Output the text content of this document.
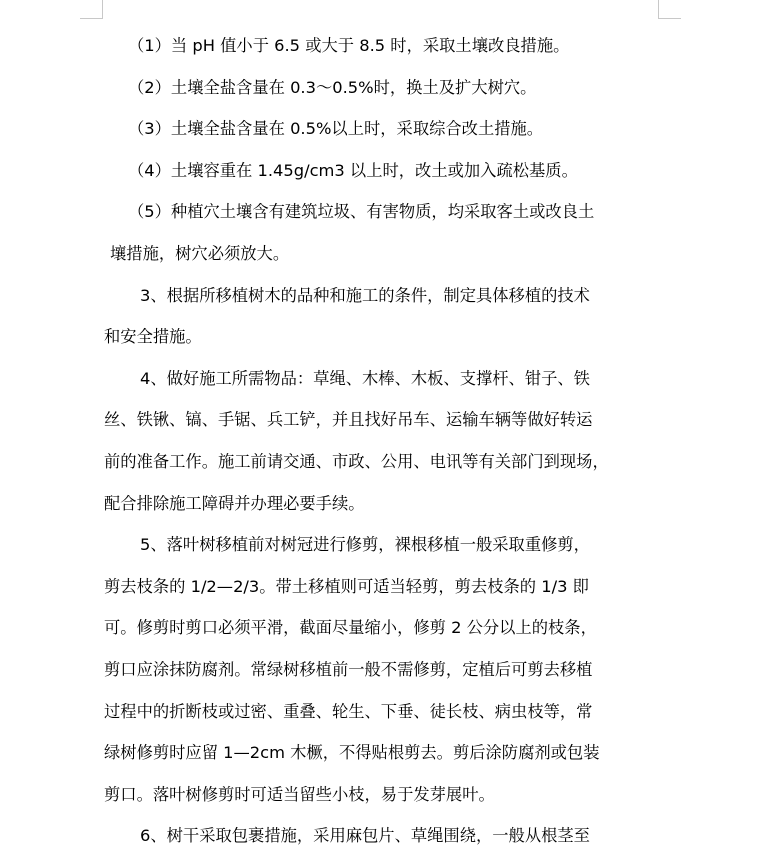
（1）当 pH 值小于 6.5 或大于 8.5 时，采取土壤改良措施。
（2）土壤全盐含量在 0.3～0.5%时，换土及扩大树穴。
（3）土壤全盐含量在 0.5%以上时，采取综合改土措施。
（4）土壤容重在 1.45g/cm3 以上时，改土或加入疏松基质。
（5）种植穴土壤含有建筑垃圾、有害物质，均采取客土或改良土
壤措施，树穴必须放大。
3、根据所移植树木的品种和施工的条件，制定具体移植的技术
和安全措施。
4、做好施工所需物品：草绳、木棒、木板、支撑杆、钳子、铁
丝、铁锹、镐、手锯、兵工铲，并且找好吊车、运输车辆等做好转运
前的准备工作。施工前请交通、市政、公用、电讯等有关部门到现场，
配合排除施工障碍并办理必要手续。
5、落叶树移植前对树冠进行修剪，裸根移植一般采取重修剪，
剪去枝条的 1/2—2/3。带土移植则可适当轻剪，剪去枝条的 1/3 即
可。修剪时剪口必须平滑，截面尽量缩小，修剪 2 公分以上的枝条，
剪口应涂抹防腐剂。常绿树移植前一般不需修剪，定植后可剪去移植
过程中的折断枝或过密、重叠、轮生、下垂、徒长枝、病虫枝等，常
绿树修剪时应留 1—2cm 木橛，不得贴根剪去。剪后涂防腐剂或包装
剪口。落叶树修剪时可适当留些小枝，易于发芽展叶。
6、树干采取包裹措施，采用麻包片、草绳围绕，一般从根茎至
